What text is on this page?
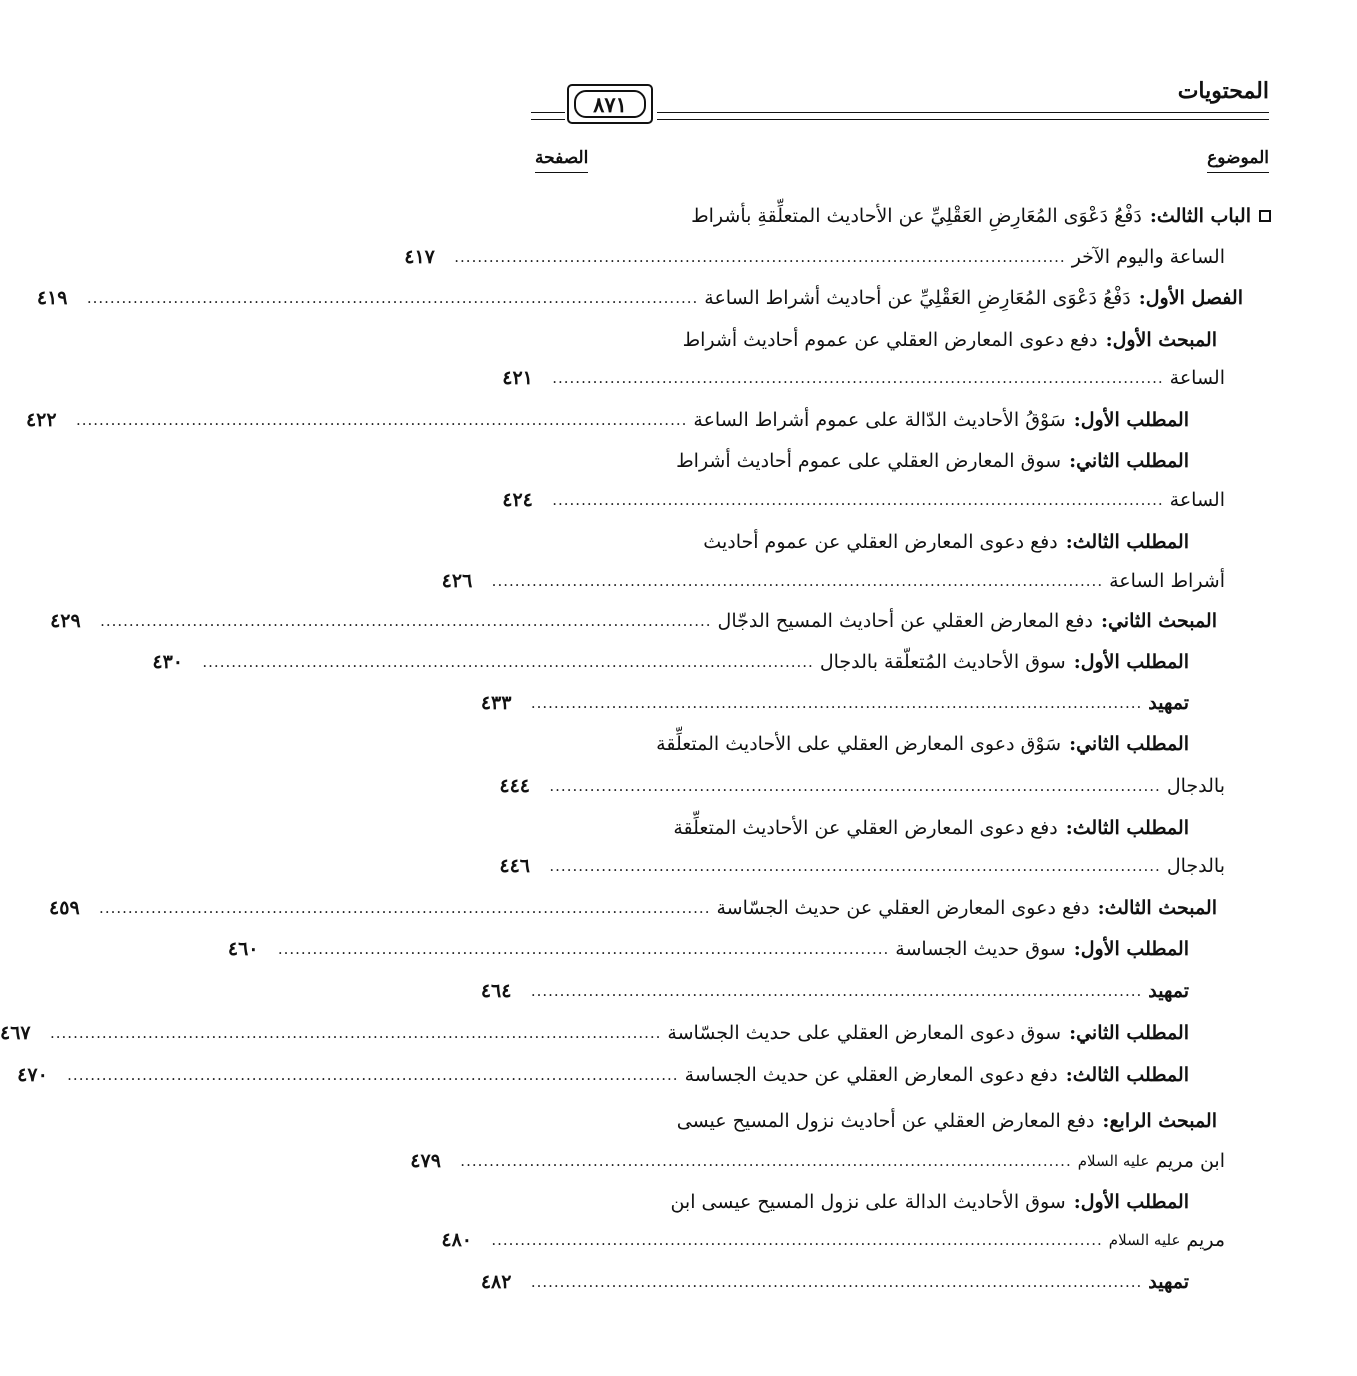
المحتويات
٨٧١
الموضوع
الصفحة
الباب الثالث
:
دَفْعُ دَعْوَى المُعَارِضِ العَقْلِيِّ عن الأحاديث المتعلِّقةِ بأشراط
الساعة واليوم الآخر
..........................................................................................................
٤١٧
الفصل الأول
:
دَفْعُ دَعْوَى المُعَارِضِ العَقْلِيِّ عن أحاديث أشراط الساعة
..........................................................................................................
٤١٩
المبحث الأول
:
دفع دعوى المعارض العقلي عن عموم أحاديث أشراط
الساعة
..........................................................................................................
٤٢١
المطلب الأول
:
سَوْقُ الأحاديث الدّالة على عموم أشراط الساعة
..........................................................................................................
٤٢٢
المطلب الثاني
:
سوق المعارض العقلي على عموم أحاديث أشراط
الساعة
..........................................................................................................
٤٢٤
المطلب الثالث
:
دفع دعوى المعارض العقلي عن عموم أحاديث
أشراط الساعة
..........................................................................................................
٤٢٦
المبحث الثاني
:
دفع المعارض العقلي عن أحاديث المسيح الدجّال
..........................................................................................................
٤٢٩
المطلب الأول
:
سوق الأحاديث المُتعلّقة بالدجال
..........................................................................................................
٤٣٠
تمهيد
..........................................................................................................
٤٣٣
المطلب الثاني
:
سَوْق دعوى المعارض العقلي على الأحاديث المتعلِّقة
بالدجال
..........................................................................................................
٤٤٤
المطلب الثالث
:
دفع دعوى المعارض العقلي عن الأحاديث المتعلِّقة
بالدجال
..........................................................................................................
٤٤٦
المبحث الثالث
:
دفع دعوى المعارض العقلي عن حديث الجسّاسة
..........................................................................................................
٤٥٩
المطلب الأول
:
سوق حديث الجساسة
..........................................................................................................
٤٦٠
تمهيد
..........................................................................................................
٤٦٤
المطلب الثاني
:
سوق دعوى المعارض العقلي على حديث الجسّاسة
..........................................................................................................
٤٦٧
المطلب الثالث
:
دفع دعوى المعارض العقلي عن حديث الجساسة
..........................................................................................................
٤٧٠
المبحث الرابع
:
دفع المعارض العقلي عن أحاديث نزول المسيح عيسى
ابن مريم
عليه السلام
..........................................................................................................
٤٧٩
المطلب الأول
:
سوق الأحاديث الدالة على نزول المسيح عيسى ابن
مريم
عليه السلام
..........................................................................................................
٤٨٠
تمهيد
..........................................................................................................
٤٨٢
